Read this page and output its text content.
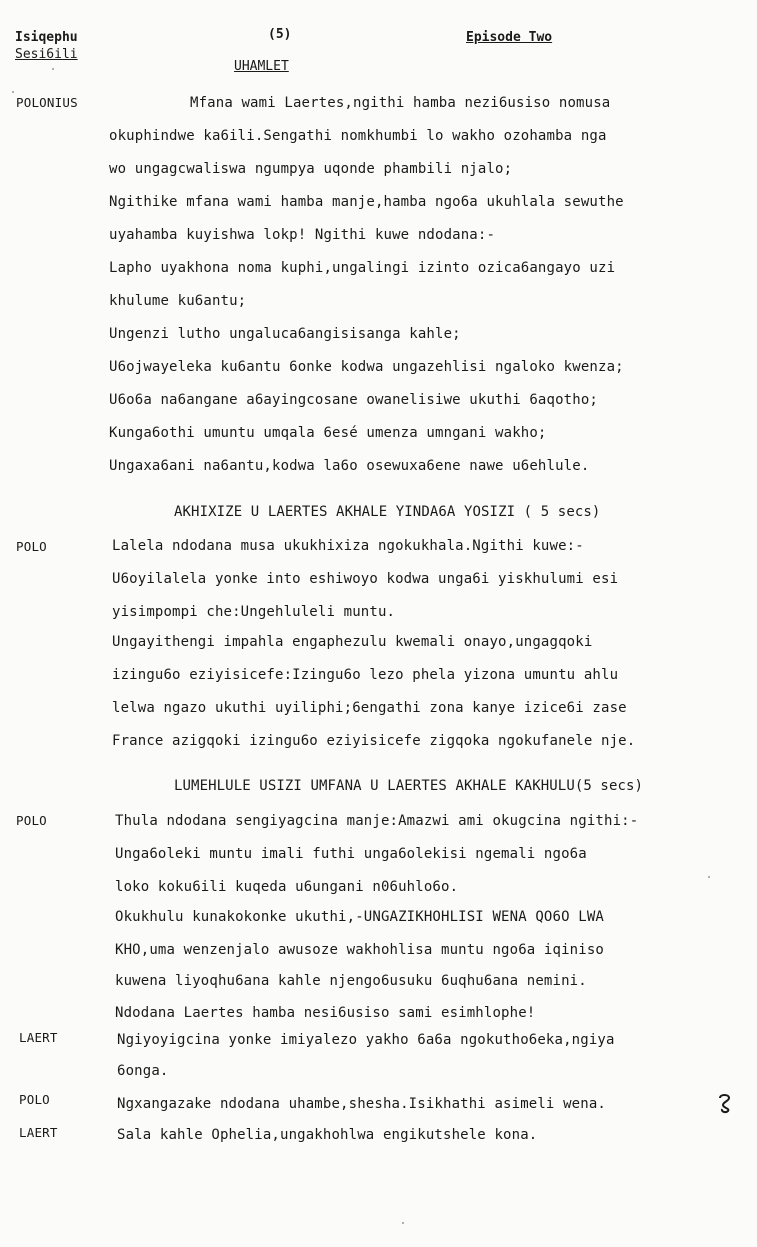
Isiqephu
Sesi6ili
(5)	Episode Two
UHAMLET
POLONIUS	Mfana wami Laertes,ngithi hamba nezi6usiso nomusa
okuphindwe ka6ili.Sengathi nomkhumbi lo wakho ozohamba nga
wo ungagcwaliswa ngumpya uqonde phambili njalo;
Ngithike mfana wami hamba manje,hamba ngo6a ukuhlala sewuthe
uyahamba kuyishwa lokp! Ngithi kuwe ndodana:-
Lapho uyakhona noma kuphi,ungalingi izinto ozica6angayo uzi
khulume ku6antu;
Ungenzi lutho ungaluca6angisisanga kahle;
U6ojwayeleka ku6antu 6onke kodwa ungazehlisi ngaloko kwenza;
U6o6a na6angane a6ayingcosane owanelisiwe ukuthi 6aqotho;
Kunga6othi umuntu umqala 6esé umenza umngani wakho;
Ungaxa6ani na6antu,kodwa la6o osewuxa6ene nawe u6ehlule.
AKHIXIZE U LAERTES AKHALE YINDA6A YOSIZI ( 5 secs)
POLO	Lalela ndodana musa ukukhixiza ngokukhala.Ngithi kuwe:-
U6oyilalela yonke into eshiwoyo kodwa unga6i yiskhulumi esi
yisimpompi che:Ungehluleli muntu.
Ungayithengi impahla engaphezulu kwemali onayo,ungagqoki
izingu6o eziyisicefe:Izingu6o lezo phela yizona umuntu ahlu
lelwa ngazo ukuthi uyiliphi;6engathi zona kanye izice6i zase
France azigqoki izingu6o eziyisicefe zigqoka ngokufanele nje.
LUMEHLULE USIZI UMFANA U LAERTES AKHALE KAKHULU(5 secs)
POLO	Thula ndodana sengiyagcina manje:Amazwi ami okugcina ngithi:-
Unga6oleki muntu imali futhi unga6olekisi ngemali ngo6a
loko koku6ili kuqeda u6ungani n06uhlo6o.
Okukhulu kunakokonke ukuthi,-UNGAZIKHOHLISI WENA QO6O LWA
KHO,uma wenzenjalo awusoze wakhohlisa muntu ngo6a iqiniso
kuwena liyoqhu6ana kahle njengo6usuku 6uqhu6ana nemini.
Ndodana Laertes hamba nesi6usiso sami esimhlophe!
LAERT	Ngiyoyigcina yonke imiyalezo yakho 6a6a ngokutho6eka,ngiya
6onga.
POLO	Ngxangazake ndodana uhambe,shesha.Isikhathi asimeli wena.
LAERT	Sala kahle Ophelia,ungakhohlwa engikutshele kona.
